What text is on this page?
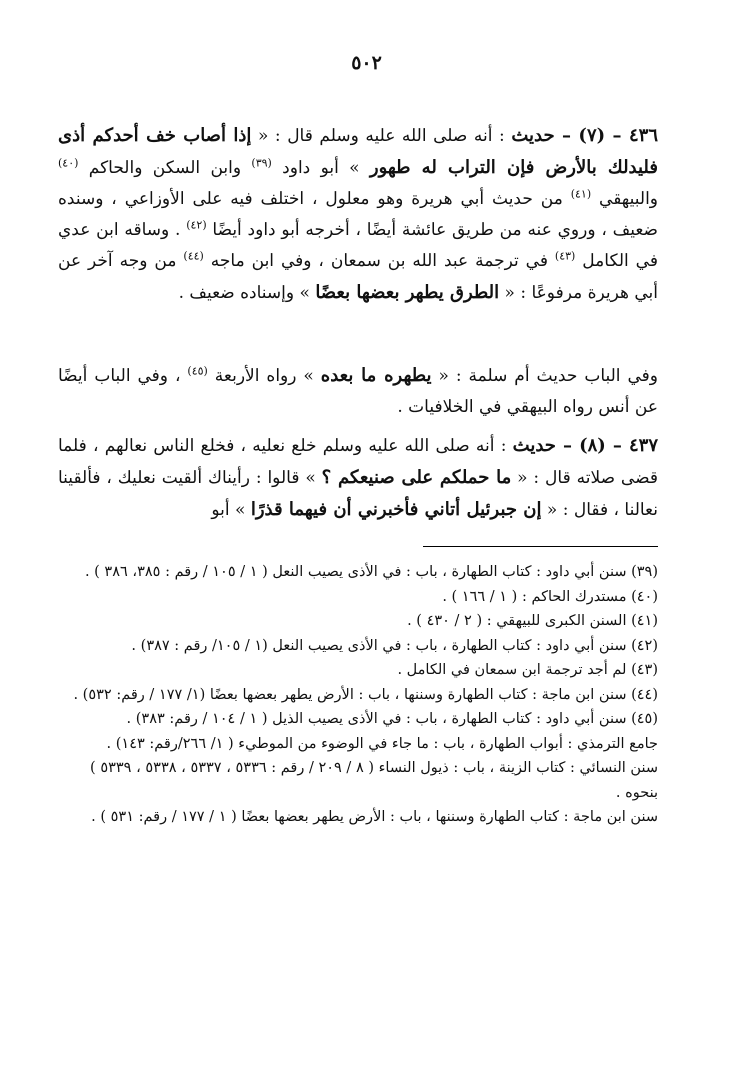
٥٠٢
٤٣٦ – (٧) – حديث : أنه صلى الله عليه وسلم قال : « إذا أصاب خف أحدكم أذى فليدلك بالأرض فإن التراب له طهور » أبو داود $^{(٣٩)}$ وابن السكن والحاكم $^{(٤٠)}$ والبيهقي $^{(٤١)}$ من حديث أبي هريرة وهو معلول ، اختلف فيه على الأوزاعي ، وسنده ضعيف ، وروي عنه من طريق عائشة أيضًا ، أخرجه أبو داود أيضًا $^{(٤٢)}$ . وساقه ابن عدي في الكامل $^{(٤٣)}$ في ترجمة عبد الله بن سمعان ، وفي ابن ماجه $^{(٤٤)}$ من وجه آخر عن أبي هريرة مرفوعًا : « الطرق يطهر بعضها بعضًا » وإسناده ضعيف .
وفي الباب حديث أم سلمة : « يطهره ما بعده » رواه الأربعة $^{(٤٥)}$ ، وفي الباب أيضًا عن أنس رواه البيهقي في الخلافيات .
٤٣٧ – (٨) – حديث : أنه صلى الله عليه وسلم خلع نعليه ، فخلع الناس نعالهم ، فلما قضى صلاته قال : « ما حملكم على صنيعكم ؟ » قالوا : رأيناك ألقيت نعليك ، فألقينا نعالنا ، فقال : « إن جبرئيل أتاني فأخبرني أن فيهما قذرًا » أبو
(٣٩) سنن أبي داود : كتاب الطهارة ، باب : في الأذى يصيب النعل ( ١ / ١٠٥ / رقم : ٣٨٥، ٣٨٦ ) .
(٤٠) مستدرك الحاكم : ( ١ / ١٦٦ ) .
(٤١) السنن الكبرى للبيهقي : ( ٢ / ٤٣٠ ) .
(٤٢) سنن أبي داود : كتاب الطهارة ، باب : في الأذى يصيب النعل (١ / ١٠٥/ رقم : ٣٨٧) .
(٤٣) لم أجد ترجمة ابن سمعان في الكامل .
(٤٤) سنن ابن ماجة : كتاب الطهارة وسننها ، باب : الأرض يطهر بعضها بعضًا (١/ ١٧٧ / رقم: ٥٣٢) .
(٤٥) سنن أبي داود : كتاب الطهارة ، باب : في الأذى يصيب الذيل ( ١ / ١٠٤ / رقم: ٣٨٣) .
جامع الترمذي : أبواب الطهارة ، باب : ما جاء في الوضوء من الموطيء ( ١/ ٢٦٦/رقم: ١٤٣) .
سنن النسائي : كتاب الزينة ، باب : ذيول النساء ( ٨ / ٢٠٩ / رقم : ٥٣٣٦ ، ٥٣٣٧ ، ٥٣٣٨ ، ٥٣٣٩ ) بنحوه .
سنن ابن ماجة : كتاب الطهارة وسننها ، باب : الأرض يطهر بعضها بعضًا ( ١ / ١٧٧ / رقم: ٥٣١ ) .
